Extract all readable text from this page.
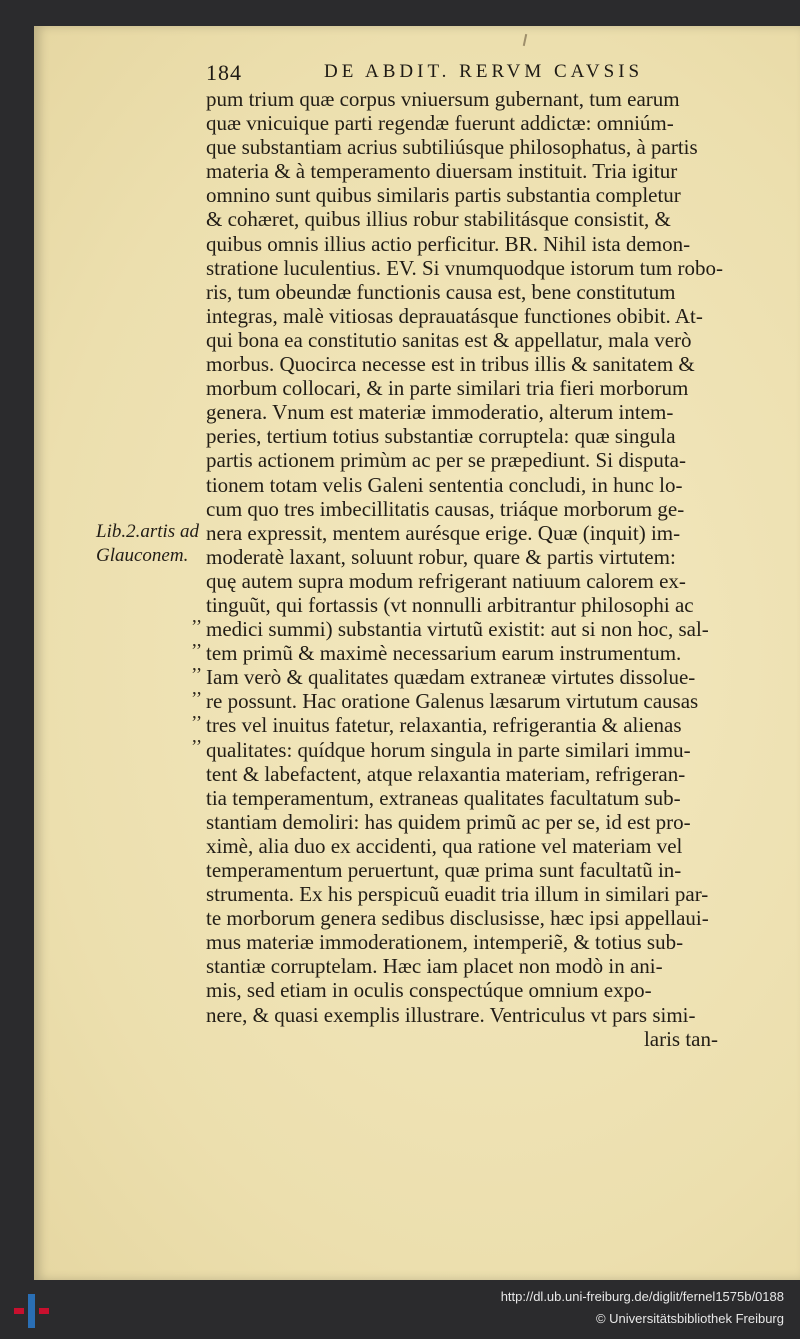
184	DE ABDIT. RERVM CAVSIS
pum trium quæ corpus vniuersum gubernant, tum earum
quæ vnicuique parti regendæ fuerunt addictæ: omniúm-
que substantiam acrius subtiliúsque philosophatus, à partis
materia & à temperamento diuersam instituit. Tria igitur
omnino sunt quibus similaris partis substantia completur
& cohæret, quibus illius robur stabilitásque consistit, &
quibus omnis illius actio perficitur. BR. Nihil ista demon-
stratione luculentius. EV. Si vnumquodque istorum tum robo-
ris, tum obeundæ functionis causa est, bene constitutum
integras, malè vitiosas deprauatásque functiones obibit. At-
qui bona ea constitutio sanitas est & appellatur, mala verò
morbus. Quocirca necesse est in tribus illis & sanitatem &
morbum collocari, & in parte similari tria fieri morborum
genera. Vnum est materiæ immoderatio, alterum intem-
peries, tertium totius substantiæ corruptela: quæ singula
partis actionem primùm ac per se præpediunt. Si disputa-
tionem totam velis Galeni sententia concludi, in hunc lo-
cum quo tres imbecillitatis causas, triáque morborum ge-
nera expressit, mentem aurésque erige. Quæ (inquit) im-
moderatè laxant, soluunt robur, quare & partis virtutem:
quę autem supra modum refrigerant natiuum calorem ex-
tinguũt, qui fortassis (vt nonnulli arbitrantur philosophi ac
medici summi) substantia virtutũ existit: aut si non hoc, sal-
tem primũ & maximè necessarium earum instrumentum.
Iam verò & qualitates quædam extraneæ virtutes dissolue-
re possunt. Hac oratione Galenus læsarum virtutum causas
tres vel inuitus fatetur, relaxantia, refrigerantia & alienas
qualitates: quídque horum singula in parte similari immu-
tent & labefactent, atque relaxantia materiam, refrigeran-
tia temperamentum, extraneas qualitates facultatum sub-
stantiam demoliri: has quidem primũ ac per se, id est pro-
ximè, alia duo ex accidenti, qua ratione vel materiam vel
temperamentum peruertunt, quæ prima sunt facultatũ in-
strumenta. Ex his perspicuũ euadit tria illum in similari par-
te morborum genera sedibus disclusisse, hæc ipsi appellaui-
mus materiæ immoderationem, intemperiẽ, & totius sub-
stantiæ corruptelam. Hæc iam placet non modò in ani-
mis, sed etiam in oculis conspectúque omnium expo-
nere, & quasi exemplis illustrare. Ventriculus vt pars simi-
laris tan-
Lib.2.artis ad
Glauconem.
,,
,,
,,
,,
,,
,,
http://dl.ub.uni-freiburg.de/diglit/fernel1575b/0188
© Universitätsbibliothek Freiburg
